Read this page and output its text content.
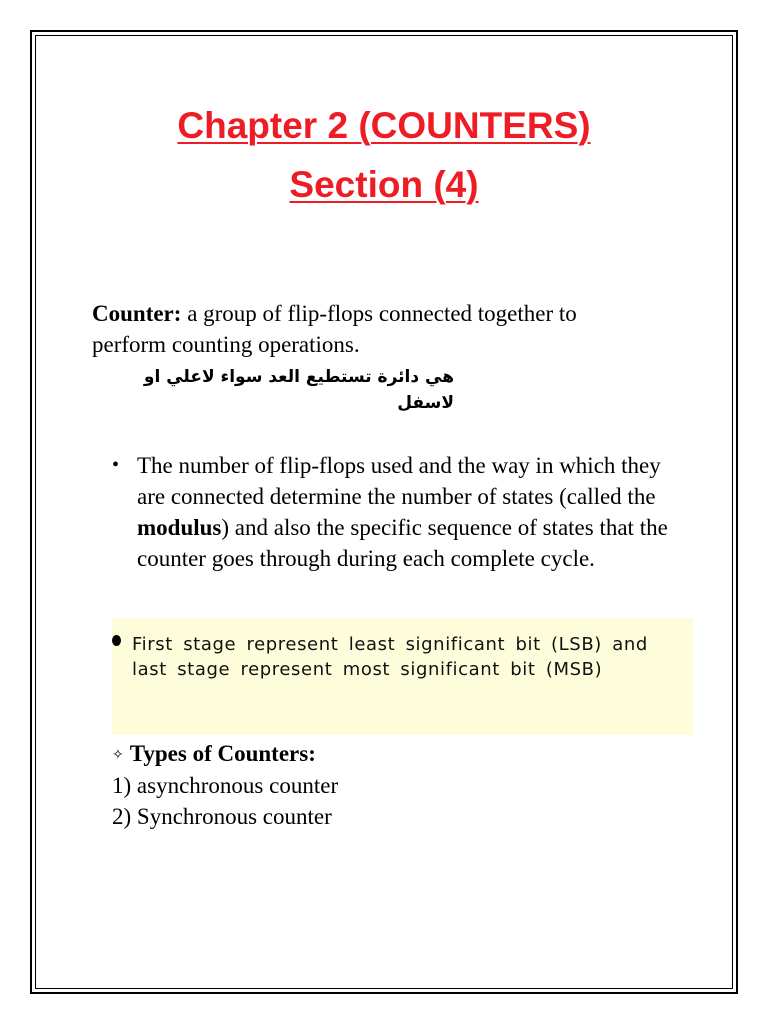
Chapter 2 (COUNTERS)
Section (4)

Counter: a group of flip-flops connected together to perform counting operations.

هي دائرة تستطيع العد سواء لاعلي او لاسفل

• The number of flip-flops used and the way in which they are connected determine the number of states (called the modulus) and also the specific sequence of states that the counter goes through during each complete cycle.

First stage represent least significant bit (LSB) and last stage represent most significant bit (MSB)

✧ Types of Counters:

1) asynchronous counter
2) Synchronous counter
